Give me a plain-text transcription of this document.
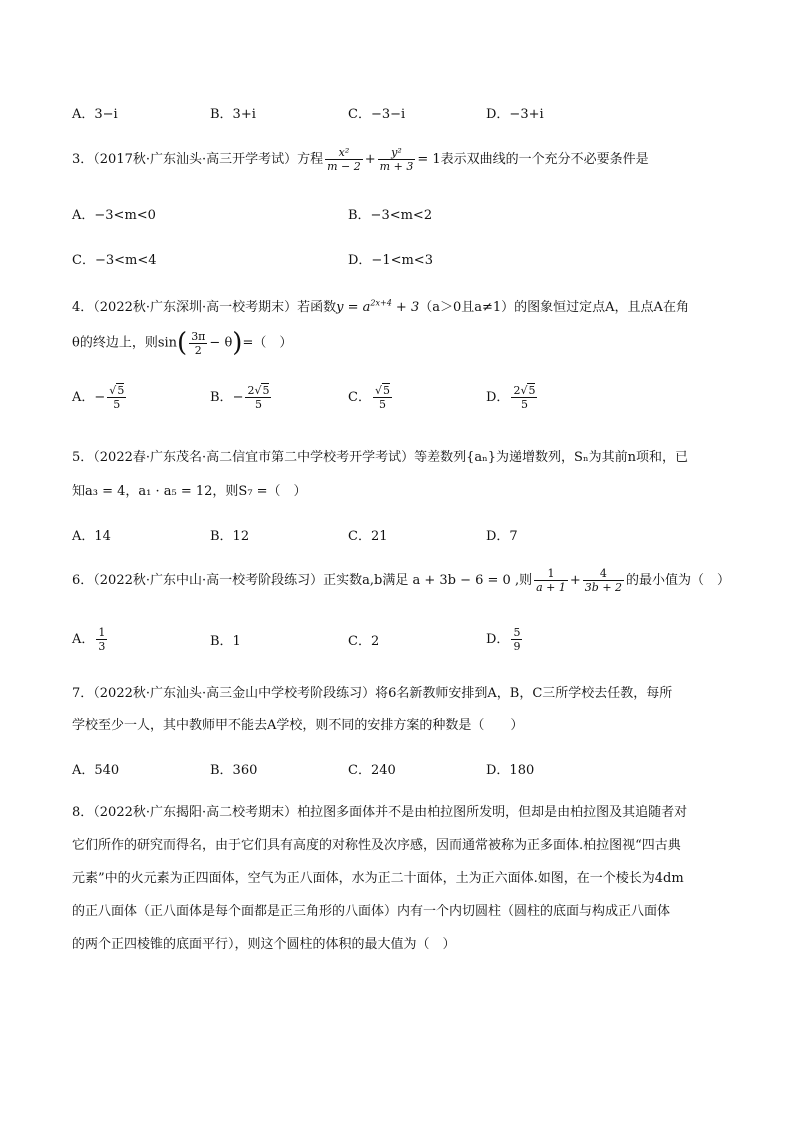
A．3−i	B．3+i	C．−3−i	D．−3+i
3．（2017秋·广东汕头·高三开学考试）方程 $\frac{\text{x²}}{m - 2} + \frac{\text{y²}}{m + 3} = 1$表示双曲线的一个充分不必要条件是
A．−3<m<0	B．−3<m<2
C．−3<m<4	D．−1<m<3
4．（2022秋·广东深圳·高一校考期末）若函数$y = a^{2x+4} + 3(a>0$且a≠1）的图象恒过定点A，且点A在角
θ的终边上，则$\sin( \frac{3\pi}{2} - \theta)=$（　）
A．− $\frac{√5}{5}$	B．− $\frac{2√5}{5}$	C． $\frac{√5}{5}$	D． $\frac{2√5}{5}$
5．（2022春·广东茂名·高二信宜市第二中学校考开学考试）等差数列{aₙ}为递增数列，Sₙ为其前n项和，已
知a₃ = 4，a₁ · a₅ = 12，则S₇ =（　）
A．14	B．12	C．21	D．7
6．（2022秋·广东中山·高一校考阶段练习）正实数a,b满足 a + 3b − 6 = 0 ,则 $\frac{1}{a + 1} + \frac{4}{3b + 2}$ 的最小值为（　）
A． $\frac{1}{3}$	B．1	C．2	D． $\frac{5}{9}$
7．（2022秋·广东汕头·高三金山中学校考阶段练习）将6名新教师安排到A，B，C三所学校去任教，每所
学校至少一人，其中教师甲不能去A学校，则不同的安排方案的种数是（　　）
A．540	B．360	C．240	D．180
8．（2022秋·广东揭阳·高二校考期末）柏拉图多面体并不是由柏拉图所发明，但却是由柏拉图及其追随者对
它们所作的研究而得名，由于它们具有高度的对称性及次序感，因而通常被称为正多面体.柏拉图视“四古典
元素”中的火元素为正四面体，空气为正八面体，水为正二十面体，土为正六面体.如图，在一个棱长为4dm
的正八面体（正八面体是每个面都是正三角形的八面体）内有一个内切圆柱（圆柱的底面与构成正八面体
的两个正四棱锥的底面平行），则这个圆柱的体积的最大值为（　）
